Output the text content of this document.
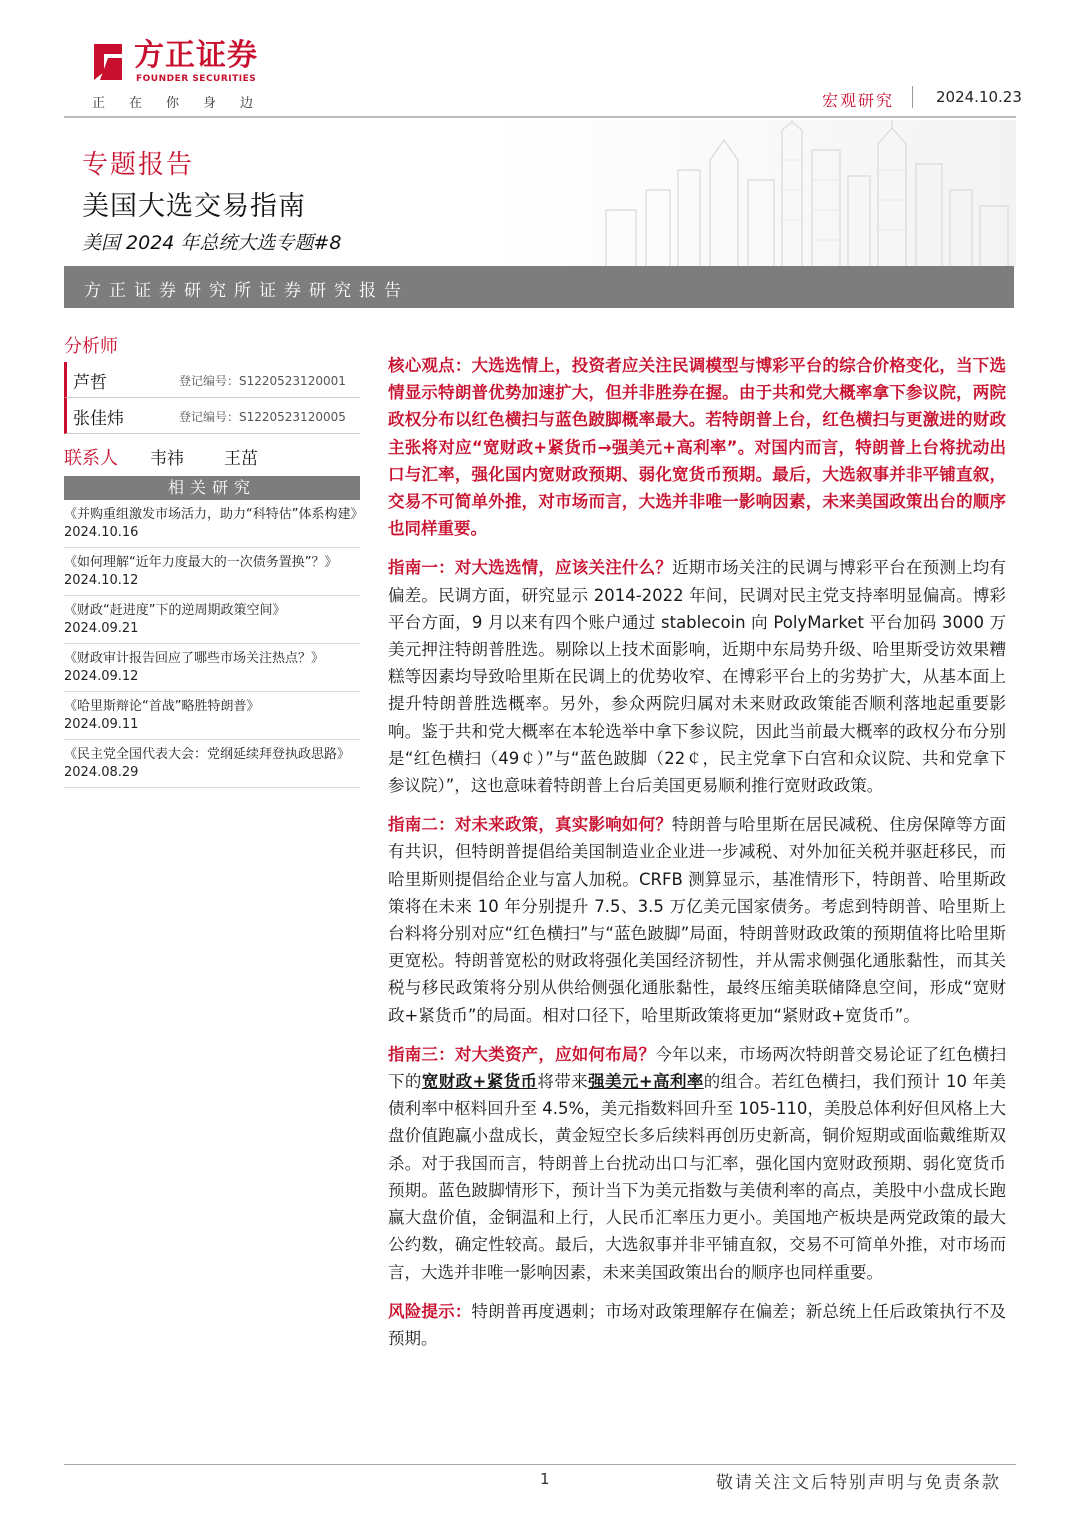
方正证券
FOUNDER SECURITIES
正在你身边	宏观研究	2024.10.23
专题报告
美国大选交易指南
美国 2024 年总统大选专题#8
方正证券研究所证券研究报告
分析师
芦哲	登记编号：S1220523120001
张佳炜	登记编号：S1220523120005
联系人 韦祎 王茁
相关研究
《并购重组激发市场活力，助力“科特估”体系构建》2024.10.16
《如何理解“近年力度最大的一次债务置换”？》2024.10.12
《财政“赶进度”下的逆周期政策空间》
2024.09.21
《财政审计报告回应了哪些市场关注热点？》
2024.09.12
《哈里斯辩论“首战”略胜特朗普》
2024.09.11
《民主党全国代表大会：党纲延续拜登执政思路》2024.08.29

核心观点：大选选情上，投资者应关注民调模型与博彩平台的综合价格变化，当下选情显示特朗普优势加速扩大，但并非胜券在握。由于共和党大概率拿下参议院，两院政权分布以红色横扫与蓝色跛脚概率最大。若特朗普上台，红色横扫与更激进的财政主张将对应“宽财政+紧货币→强美元+高利率”。对国内而言，特朗普上台将扰动出口与汇率，强化国内宽财政预期、弱化宽货币预期。最后，大选叙事并非平铺直叙，交易不可简单外推，对市场而言，大选并非唯一影响因素，未来美国政策出台的顺序也同样重要。

指南一：对大选选情，应该关注什么？近期市场关注的民调与博彩平台在预测上均有偏差。民调方面，研究显示 2014-2022 年间，民调对民主党支持率明显偏高。博彩平台方面，9 月以来有四个账户通过 stablecoin 向 PolyMarket 平台加码 3000 万美元押注特朗普胜选。剔除以上技术面影响，近期中东局势升级、哈里斯受访效果糟糕等因素均导致哈里斯在民调上的优势收窄、在博彩平台上的劣势扩大，从基本面上提升特朗普胜选概率。另外，参众两院归属对未来财政政策能否顺利落地起重要影响。鉴于共和党大概率在本轮选举中拿下参议院，因此当前最大概率的政权分布分别是“红色横扫（49￠）”与“蓝色跛脚（22￠，民主党拿下白宫和众议院、共和党拿下参议院）”，这也意味着特朗普上台后美国更易顺利推行宽财政政策。

指南二：对未来政策，真实影响如何？特朗普与哈里斯在居民减税、住房保障等方面有共识，但特朗普提倡给美国制造业企业进一步减税、对外加征关税并驱赶移民，而哈里斯则提倡给企业与富人加税。CRFB 测算显示，基准情形下，特朗普、哈里斯政策将在未来 10 年分别提升 7.5、3.5 万亿美元国家债务。考虑到特朗普、哈里斯上台料将分别对应“红色横扫”与“蓝色跛脚”局面，特朗普财政政策的预期值将比哈里斯更宽松。特朗普宽松的财政将强化美国经济韧性，并从需求侧强化通胀黏性，而其关税与移民政策将分别从供给侧强化通胀黏性，最终压缩美联储降息空间，形成“宽财政+紧货币”的局面。相对口径下，哈里斯政策将更加“紧财政+宽货币”。

指南三：对大类资产，应如何布局？今年以来，市场两次特朗普交易论证了红色横扫下的宽财政+紧货币将带来强美元+高利率的组合。若红色横扫，我们预计 10 年美债利率中枢料回升至 4.5%，美元指数料回升至 105-110，美股总体利好但风格上大盘价值跑赢小盘成长，黄金短空长多后续料再创历史新高，铜价短期或面临戴维斯双杀。对于我国而言，特朗普上台扰动出口与汇率，强化国内宽财政预期、弱化宽货币预期。蓝色跛脚情形下，预计当下为美元指数与美债利率的高点，美股中小盘成长跑赢大盘价值，金铜温和上行，人民币汇率压力更小。美国地产板块是两党政策的最大公约数，确定性较高。最后，大选叙事并非平铺直叙，交易不可简单外推，对市场而言，大选并非唯一影响因素，未来美国政策出台的顺序也同样重要。

风险提示：特朗普再度遇刺；市场对政策理解存在偏差；新总统上任后政策执行不及预期。

1	敬请关注文后特别声明与免责条款
